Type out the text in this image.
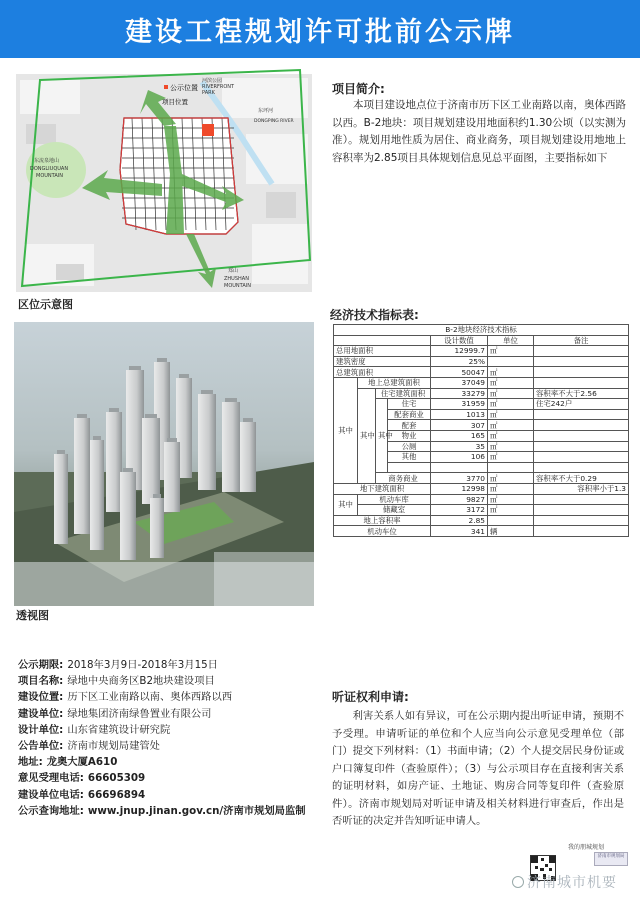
建设工程规划许可批前公示牌
公示位置
项目位置
河滨公园
RIVERFRONT
PARK
东坪河
DONGPING RIVER
东流泉地山
DONGLIUQUAN
MOUNTAIN
郑山
ZHUSHAN
MOUNTAIN
区位示意图
透视图
项目简介:
本项目建设地点位于济南市历下区工业南路以南，奥体西路以西。B-2地块：项目规划建设用地面积约1.30公顷（以实测为准）。规划用地性质为居住、商业商务，项目规划建设用地地上容积率为2.85项目具体规划信息见总平面图，主要指标如下
经济技术指标表:
B-2地块经济技术指标						
				设计数值	单位	备注
总用地面积				12999.7	㎡	
建筑密度				25%		
总建筑面积				50047	㎡	
其中	地上总建筑面积			37049	㎡	
	其中	住宅建筑面积		33279	㎡	容积率不大于2.56
		其中	住宅	31959	㎡	住宅242户
			配套商业	1013	㎡	
			配套	307	㎡	
			物业	165	㎡	
			公厕	35	㎡	
			其他	106	㎡	

		商务商业		3770	㎡	容积率不大于0.29
地下建筑面积				12998	㎡	容积率小于1.3
其中	机动车库			9827	㎡	
	储藏室			3172	㎡	
地上容积率				2.85		
机动车位				341	辆	
公示期限: 2018年3月9日-2018年3月15日
项目名称: 绿地中央商务区B2地块建设项目
建设位置: 历下区工业南路以南、奥体西路以西
建设单位: 绿地集团济南绿鲁置业有限公司
设计单位: 山东省建筑设计研究院
公告单位: 济南市规划局建管处
地址: 龙奥大厦A610
意见受理电话: 66605309
建设单位电话: 66696894
公示查询地址: www.jnup.jinan.gov.cn/济南市规划局监制
听证权利申请:
利害关系人如有异议，可在公示期内提出听证申请，预期不予受理。申请听证的单位和个人应当向公示意见受理单位（部门）提交下列材料：（1）书面申请；（2）个人提交居民身份证或户口簿复印件（查验原件）；（3）与公示项目存在直接利害关系的证明材料，如房产证、土地证、购房合同等复印件（查验原件）。济南市规划局对听证申请及相关材料进行审查后，作出是否听证的决定并告知听证申请人。
我的朋城规划
济南市规划局
济南城市机要
